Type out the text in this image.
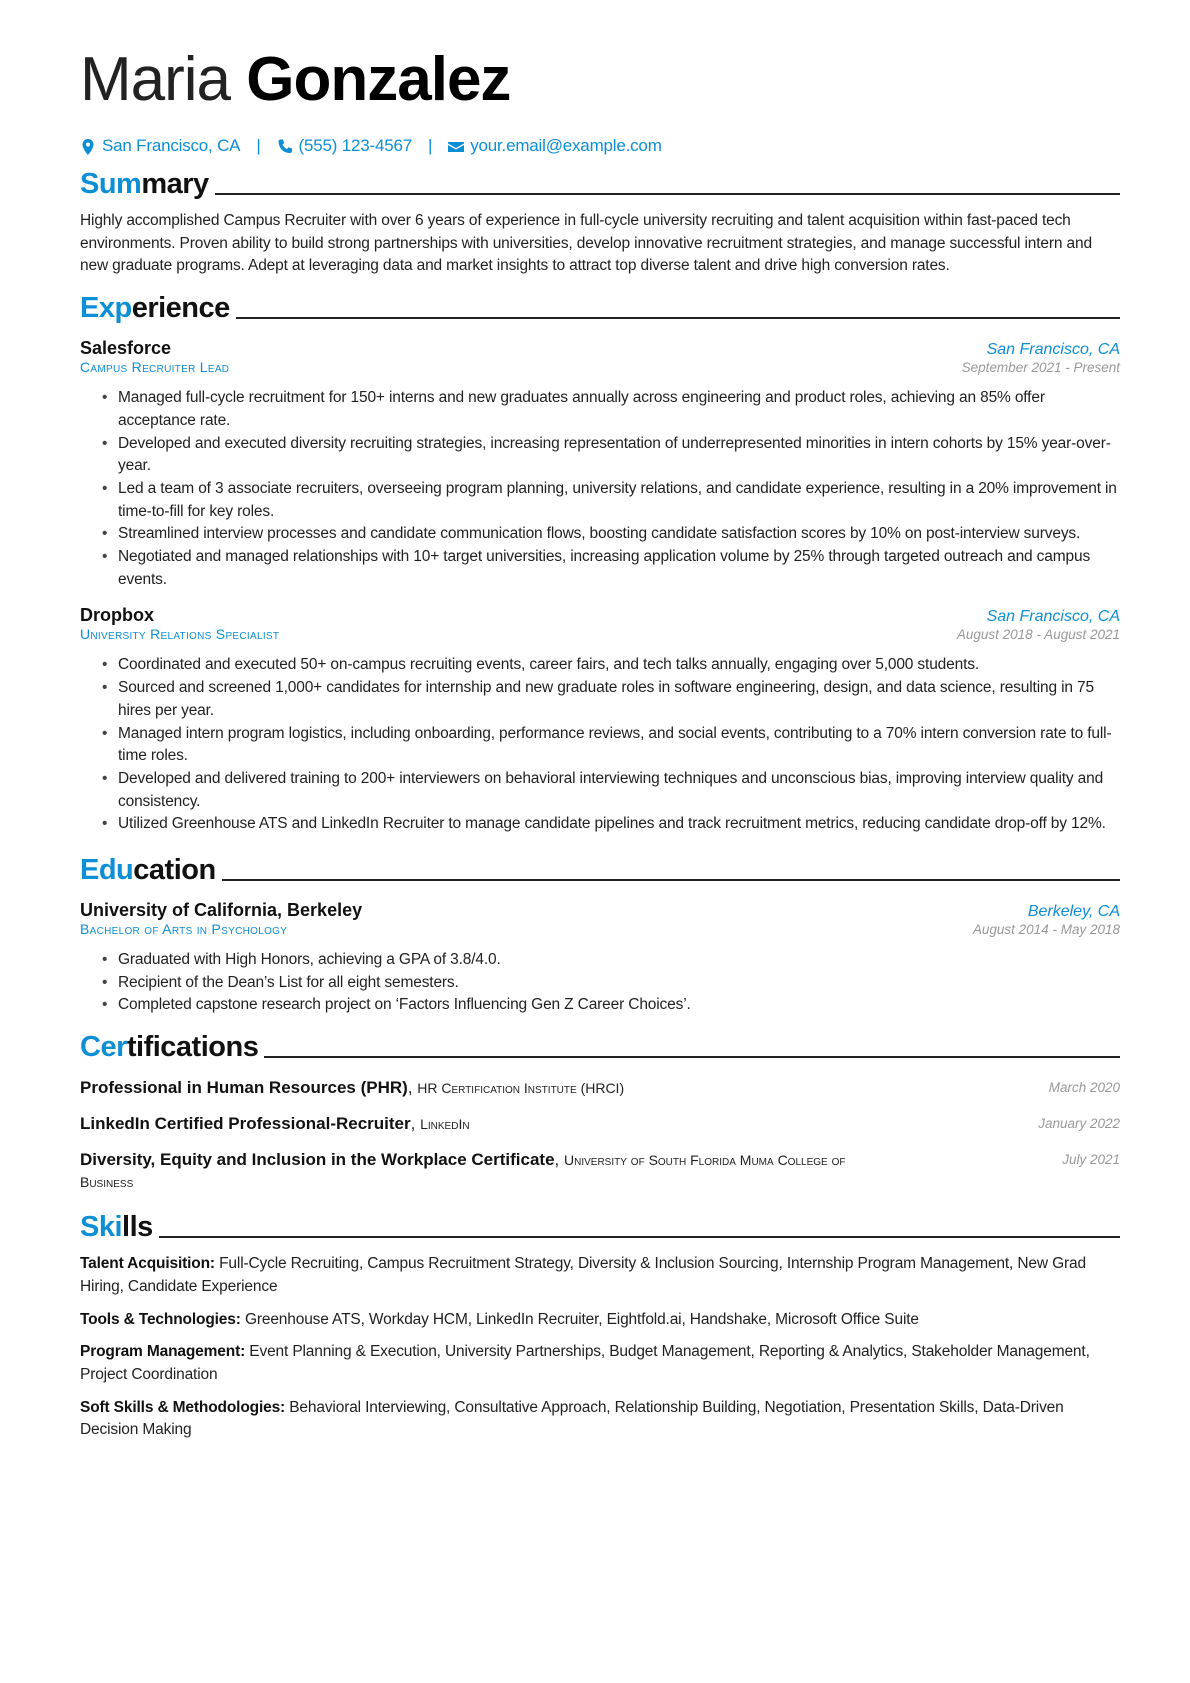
Maria Gonzalez
San Francisco, CA |	(555) 123-4567 |	your.email@example.com
Summary

Highly accomplished Campus Recruiter with over 6 years of experience in full-cycle university recruiting and talent acquisition within fast-paced tech environments. Proven ability to build strong partnerships with universities, develop innovative recruitment strategies, and manage successful intern and new graduate programs. Adept at leveraging data and market insights to attract top diverse talent and drive high conversion rates.

Experience
Salesforce	San Francisco, CA
Campus Recruiter Lead	September 2021 - Present
• Managed full-cycle recruitment for 150+ interns and new graduates annually across engineering and product roles, achieving an 85% offer acceptance rate.
• Developed and executed diversity recruiting strategies, increasing representation of underrepresented minorities in intern cohorts by 15% year-over-year.
• Led a team of 3 associate recruiters, overseeing program planning, university relations, and candidate experience, resulting in a 20% improvement in time-to-fill for key roles.
• Streamlined interview processes and candidate communication flows, boosting candidate satisfaction scores by 10% on post-interview surveys.
• Negotiated and managed relationships with 10+ target universities, increasing application volume by 25% through targeted outreach and campus events.
Dropbox	San Francisco, CA
University Relations Specialist	August 2018 - August 2021
• Coordinated and executed 50+ on-campus recruiting events, career fairs, and tech talks annually, engaging over 5,000 students.
• Sourced and screened 1,000+ candidates for internship and new graduate roles in software engineering, design, and data science, resulting in 75 hires per year.
• Managed intern program logistics, including onboarding, performance reviews, and social events, contributing to a 70% intern conversion rate to full-time roles.
• Developed and delivered training to 200+ interviewers on behavioral interviewing techniques and unconscious bias, improving interview quality and consistency.
• Utilized Greenhouse ATS and LinkedIn Recruiter to manage candidate pipelines and track recruitment metrics, reducing candidate drop-off by 12%.
Education
University of California, Berkeley	Berkeley, CA
Bachelor of Arts in Psychology	August 2014 - May 2018
• Graduated with High Honors, achieving a GPA of 3.8/4.0.
• Recipient of the Dean’s List for all eight semesters.
• Completed capstone research project on ‘Factors Influencing Gen Z Career Choices’.
Certifications
Professional in Human Resources (PHR), HR Certification Institute (HRCI)	March 2020
LinkedIn Certified Professional-Recruiter, LinkedIn	January 2022
Diversity, Equity and Inclusion in the Workplace Certificate, University of South Florida Muma College of Business
July 2021
Skills

Talent Acquisition: Full-Cycle Recruiting, Campus Recruitment Strategy, Diversity & Inclusion Sourcing, Internship Program Management, New Grad Hiring, Candidate Experience

Tools & Technologies: Greenhouse ATS, Workday HCM, LinkedIn Recruiter, Eightfold.ai, Handshake, Microsoft Office Suite

Program Management: Event Planning & Execution, University Partnerships, Budget Management, Reporting & Analytics, Stakeholder Management, Project Coordination

Soft Skills & Methodologies: Behavioral Interviewing, Consultative Approach, Relationship Building, Negotiation, Presentation Skills, Data-Driven Decision Making
